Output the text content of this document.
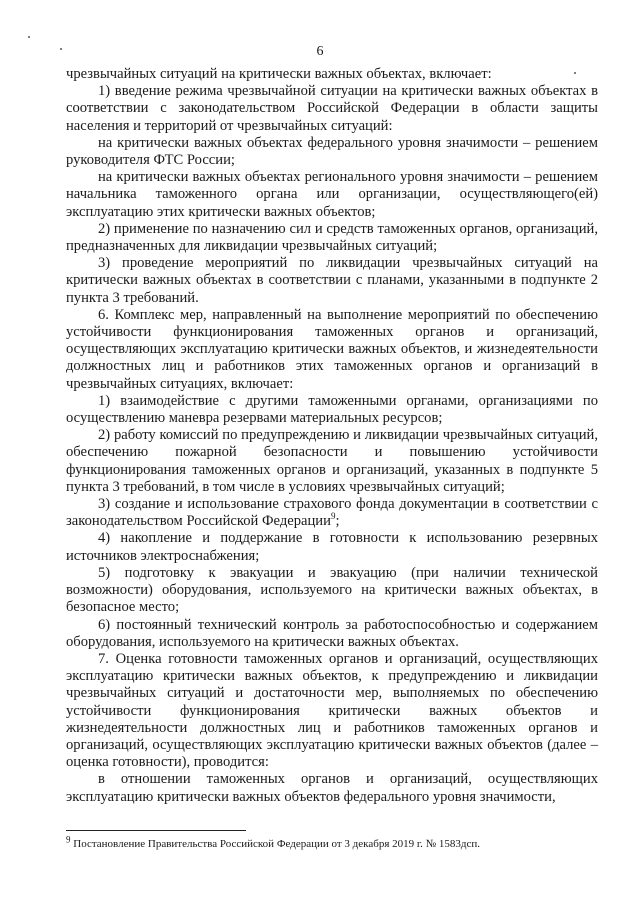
6

чрезвычайных ситуаций на критически важных объектах, включает:

1) введение режима чрезвычайной ситуации на критически важных объектах в соответствии с законодательством Российской Федерации в области защиты населения и территорий от чрезвычайных ситуаций:

на критически важных объектах федерального уровня значимости – решением руководителя ФТС России;

на критически важных объектах регионального уровня значимости – решением начальника таможенного органа или организации, осуществляющего(ей) эксплуатацию этих критически важных объектов;

2) применение по назначению сил и средств таможенных органов, организаций, предназначенных для ликвидации чрезвычайных ситуаций;

3) проведение мероприятий по ликвидации чрезвычайных ситуаций на критически важных объектах в соответствии с планами, указанными в подпункте 2 пункта 3 требований.

6. Комплекс мер, направленный на выполнение мероприятий по обеспечению устойчивости функционирования таможенных органов и организаций, осуществляющих эксплуатацию критически важных объектов, и жизнедеятельности должностных лиц и работников этих таможенных органов и организаций в чрезвычайных ситуациях, включает:

1) взаимодействие с другими таможенными органами, организациями по осуществлению маневра резервами материальных ресурсов;

2) работу комиссий по предупреждению и ликвидации чрезвычайных ситуаций, обеспечению пожарной безопасности и повышению устойчивости функционирования таможенных органов и организаций, указанных в подпункте 5 пункта 3 требований, в том числе в условиях чрезвычайных ситуаций;

3) создание и использование страхового фонда документации в соответствии с законодательством Российской Федерации$^9$;

4) накопление и поддержание в готовности к использованию резервных источников электроснабжения;

5) подготовку к эвакуации и эвакуацию (при наличии технической возможности) оборудования, используемого на критически важных объектах, в безопасное место;

6) постоянный технический контроль за работоспособностью и содержанием оборудования, используемого на критически важных объектах.

7. Оценка готовности таможенных органов и организаций, осуществляющих эксплуатацию критически важных объектов, к предупреждению и ликвидации чрезвычайных ситуаций и достаточности мер, выполняемых по обеспечению устойчивости функционирования критически важных объектов и жизнедеятельности должностных лиц и работников таможенных органов и организаций, осуществляющих эксплуатацию критически важных объектов (далее – оценка готовности), проводится:

в отношении таможенных органов и организаций, осуществляющих эксплуатацию критически важных объектов федерального уровня значимости,

$^9$ Постановление Правительства Российской Федерации от 3 декабря 2019 г. № 1583дсп.
